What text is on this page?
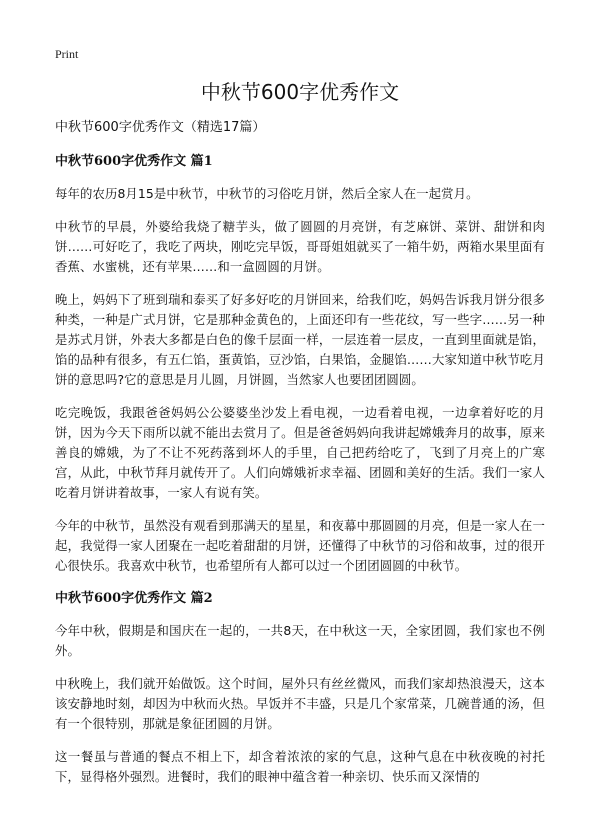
Print
中秋节600字优秀作文

中秋节600字优秀作文（精选17篇）

中秋节600字优秀作文 篇1

每年的农历8月15是中秋节，中秋节的习俗吃月饼，然后全家人在一起赏月。

中秋节的早晨，外婆给我烧了糖芋头，做了圆圆的月亮饼，有芝麻饼、菜饼、甜饼和肉饼……可好吃了，我吃了两块，刚吃完早饭，哥哥姐姐就买了一箱牛奶，两箱水果里面有香蕉、水蜜桃，还有苹果……和一盒圆圆的月饼。

晚上，妈妈下了班到瑞和泰买了好多好吃的月饼回来，给我们吃，妈妈告诉我月饼分很多种类，一种是广式月饼，它是那种金黄色的，上面还印有一些花纹，写一些字……另一种是苏式月饼，外表大多都是白色的像千层面一样，一层连着一层皮，一直到里面就是馅，馅的品种有很多，有五仁馅，蛋黄馅，豆沙馅，白果馅，金腿馅……大家知道中秋节吃月饼的意思吗?它的意思是月儿圆，月饼圆，当然家人也要团团圆圆。

吃完晚饭，我跟爸爸妈妈公公婆婆坐沙发上看电视，一边看着电视，一边拿着好吃的月饼，因为今天下雨所以就不能出去赏月了。但是爸爸妈妈向我讲起嫦娥奔月的故事，原来善良的嫦娥，为了不让不死药落到坏人的手里，自己把药给吃了，飞到了月亮上的广寒宫，从此，中秋节拜月就传开了。人们向嫦娥祈求幸福、团圆和美好的生活。我们一家人吃着月饼讲着故事，一家人有说有笑。

今年的中秋节，虽然没有观看到那满天的星星，和夜幕中那圆圆的月亮，但是一家人在一起，我觉得一家人团聚在一起吃着甜甜的月饼，还懂得了中秋节的习俗和故事，过的很开心很快乐。我喜欢中秋节，也希望所有人都可以过一个团团圆圆的中秋节。

中秋节600字优秀作文 篇2

今年中秋，假期是和国庆在一起的，一共8天，在中秋这一天，全家团圆，我们家也不例外。

中秋晚上，我们就开始做饭。这个时间，屋外只有丝丝微风，而我们家却热浪漫天，这本该安静地时刻，却因为中秋而火热。早饭并不丰盛，只是几个家常菜，几碗普通的汤，但有一个很特别，那就是象征团圆的月饼。

这一餐虽与普通的餐点不相上下，却含着浓浓的家的气息，这种气息在中秋夜晚的衬托下，显得格外强烈。进餐时，我们的眼神中蕴含着一种亲切、快乐而又深情的
